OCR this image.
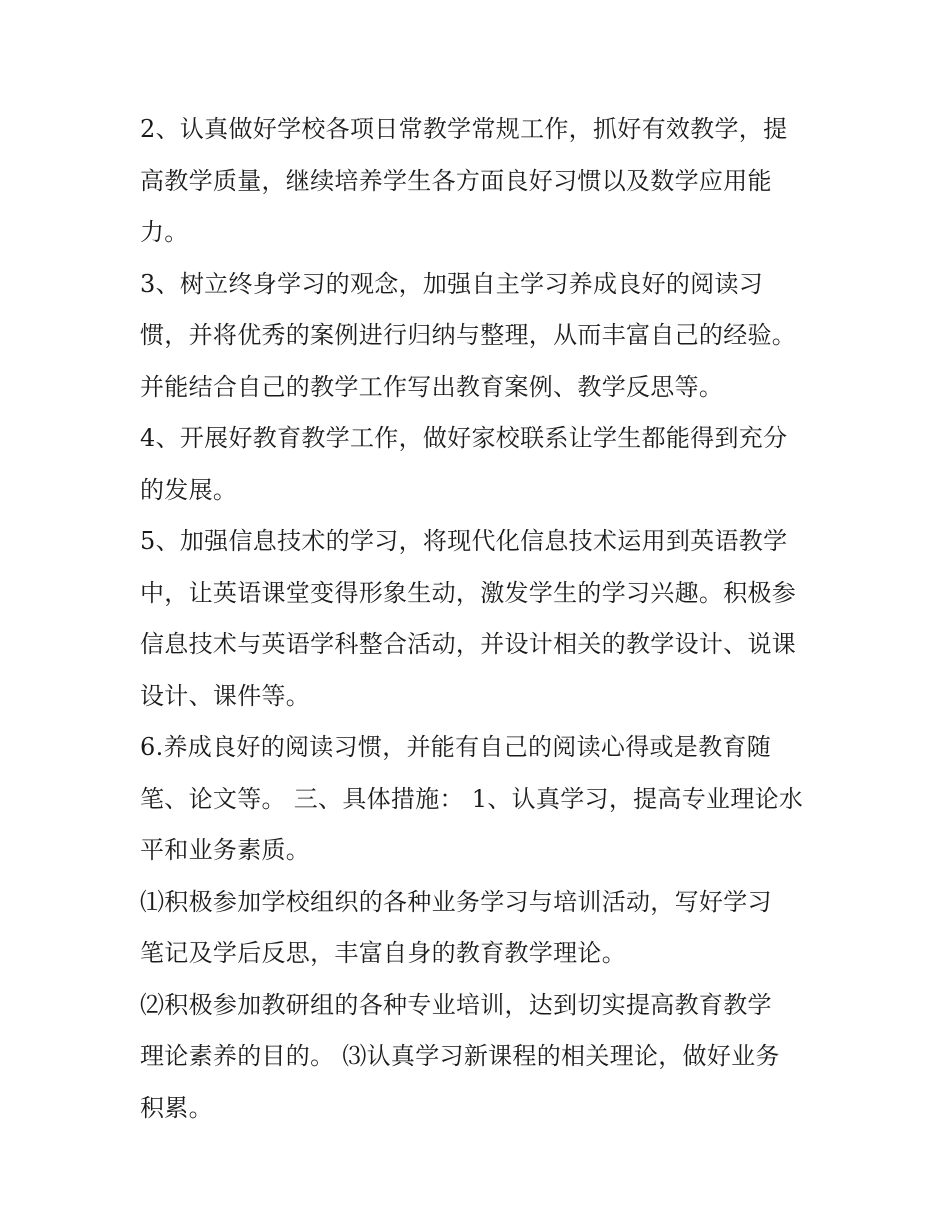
2、认真做好学校各项日常教学常规工作，抓好有效教学，提
高教学质量，继续培养学生各方面良好习惯以及数学应用能
力。
3、树立终身学习的观念，加强自主学习养成良好的阅读习
惯，并将优秀的案例进行归纳与整理，从而丰富自己的经验。
并能结合自己的教学工作写出教育案例、教学反思等。
4、开展好教育教学工作，做好家校联系让学生都能得到充分
的发展。
5、加强信息技术的学习，将现代化信息技术运用到英语教学
中，让英语课堂变得形象生动，激发学生的学习兴趣。积极参
信息技术与英语学科整合活动，并设计相关的教学设计、说课
设计、课件等。
6.养成良好的阅读习惯，并能有自己的阅读心得或是教育随
笔、论文等。 三、具体措施： 1、认真学习，提高专业理论水
平和业务素质。
⑴积极参加学校组织的各种业务学习与培训活动，写好学习
笔记及学后反思，丰富自身的教育教学理论。
⑵积极参加教研组的各种专业培训，达到切实提高教育教学
理论素养的目的。 ⑶认真学习新课程的相关理论，做好业务
积累。
